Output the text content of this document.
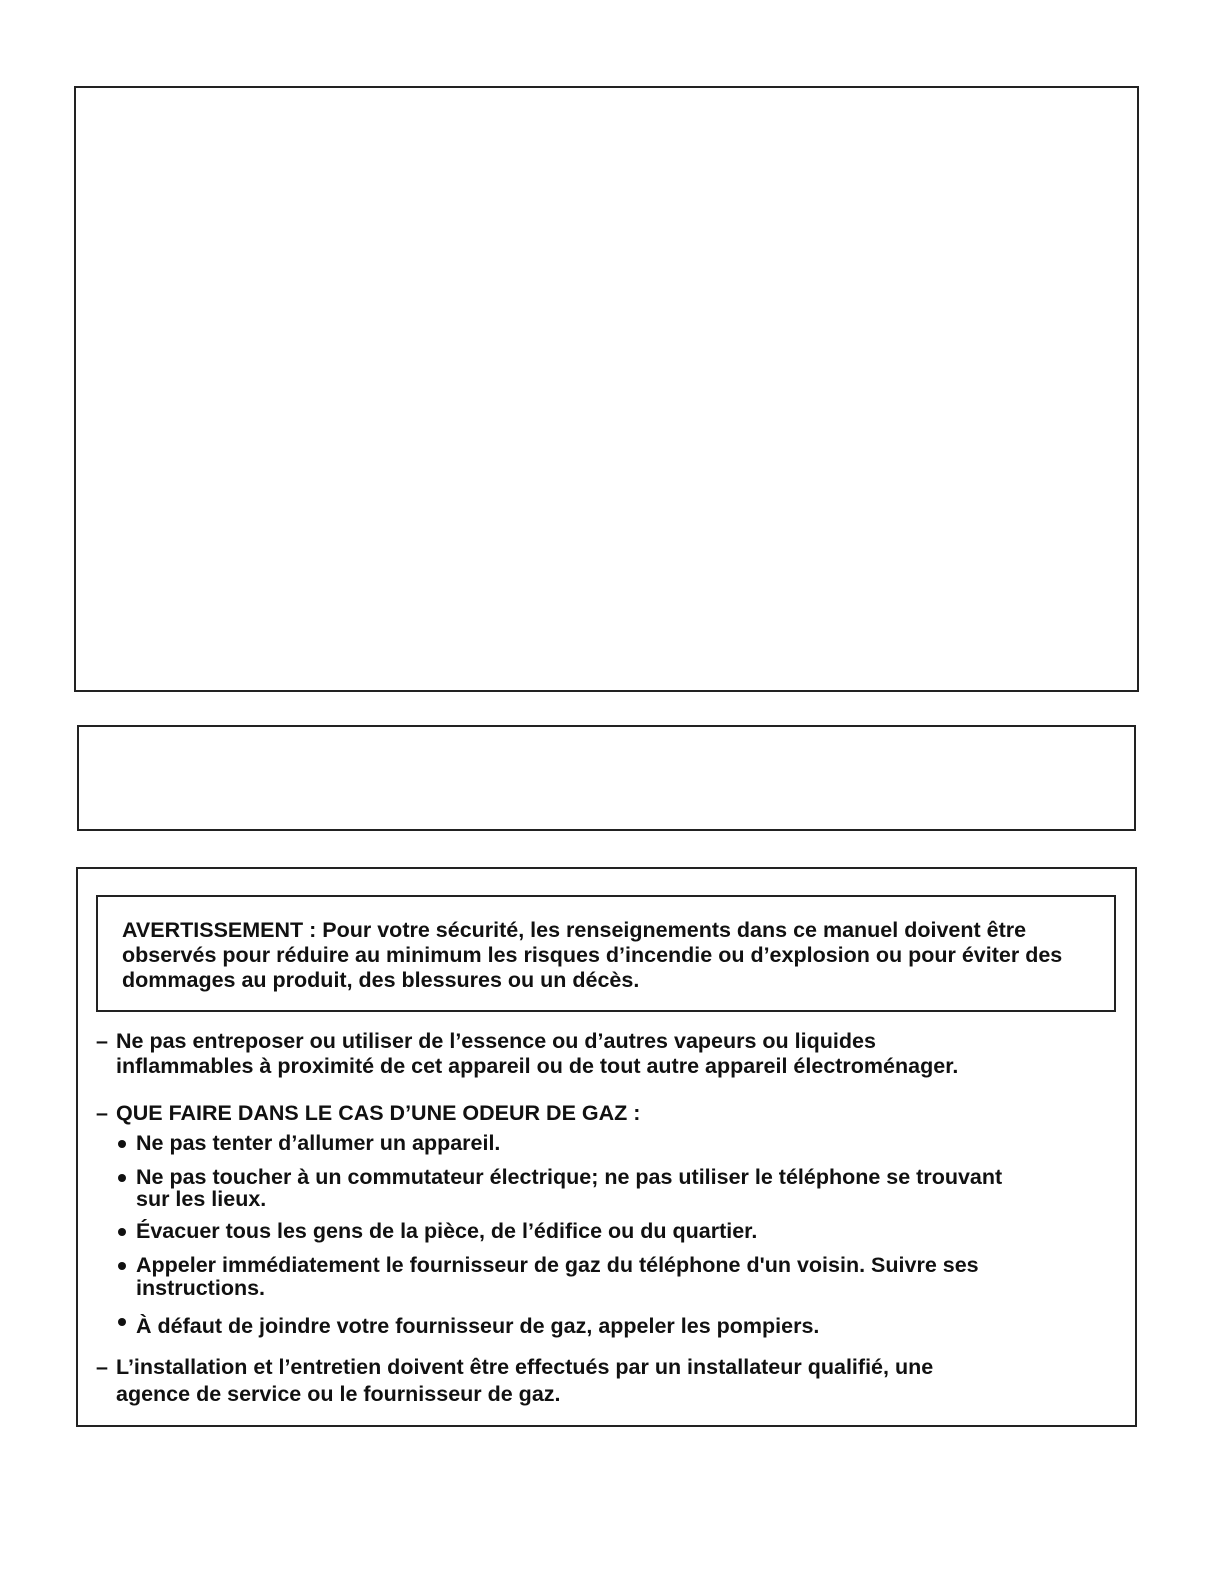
AVERTISSEMENT : Pour votre sécurité, les renseignements dans ce manuel doivent être observés pour réduire au minimum les risques d’incendie ou d’explosion ou pour éviter des dommages au produit, des blessures ou un décès.

– Ne pas entreposer ou utiliser de l’essence ou d’autres vapeurs ou liquides
inflammables à proximité de cet appareil ou de tout autre appareil électroménager.
– QUE FAIRE DANS LE CAS D’UNE ODEUR DE GAZ :
Ne pas tenter d’allumer un appareil.
Ne pas toucher à un commutateur électrique; ne pas utiliser le téléphone se trouvant
sur les lieux.
Évacuer tous les gens de la pièce, de l’édifice ou du quartier.
Appeler immédiatement le fournisseur de gaz du téléphone d'un voisin. Suivre ses
instructions.
À défaut de joindre votre fournisseur de gaz, appeler les pompiers.
– L’installation et l’entretien doivent être effectués par un installateur qualifié, une
agence de service ou le fournisseur de gaz.
